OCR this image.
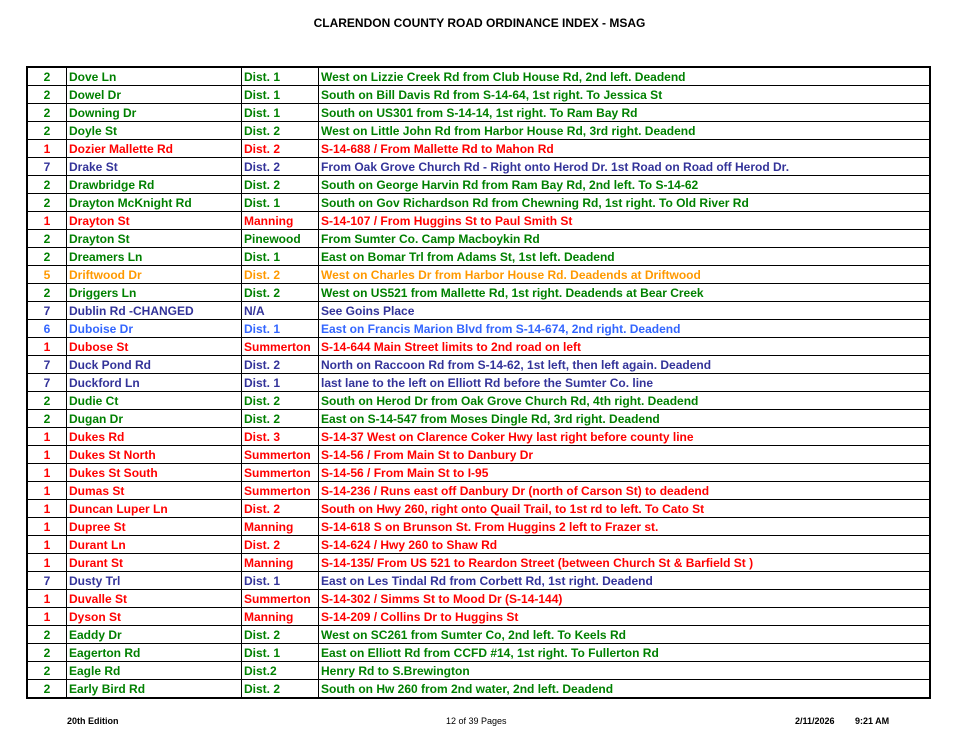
CLARENDON COUNTY ROAD ORDINANCE INDEX - MSAG
2	Dove Ln	Dist. 1	West on Lizzie Creek Rd from Club House Rd, 2nd left. Deadend
2	Dowel Dr	Dist. 1	South on Bill Davis Rd from S-14-64, 1st right. To Jessica St
2	Downing Dr	Dist. 1	South on US301 from S-14-14, 1st right. To Ram Bay Rd
2	Doyle St	Dist. 2	West on Little John Rd from Harbor House Rd, 3rd right. Deadend
1	Dozier Mallette Rd	Dist. 2	S-14-688 / From Mallette Rd to Mahon Rd
7	Drake St	Dist. 2	From Oak Grove Church Rd - Right onto Herod Dr. 1st Road on Road off Herod Dr.
2	Drawbridge Rd	Dist. 2	South on George Harvin Rd from Ram Bay Rd, 2nd left. To S-14-62
2	Drayton McKnight Rd	Dist. 1	South on Gov Richardson Rd from Chewning Rd, 1st right. To Old River Rd
1	Drayton St	Manning	S-14-107 / From Huggins St to Paul Smith St
2	Drayton St	Pinewood	From Sumter Co. Camp Macboykin Rd
2	Dreamers Ln	Dist. 1	East on Bomar Trl from Adams St, 1st left. Deadend
5	Driftwood Dr	Dist. 2	West on Charles Dr from Harbor House Rd. Deadends at Driftwood
2	Driggers Ln	Dist. 2	West on US521 from Mallette Rd, 1st right. Deadends at Bear Creek
7	Dublin Rd -CHANGED	N/A	See Goins Place
6	Duboise Dr	Dist. 1	East on Francis Marion Blvd from S-14-674, 2nd right. Deadend
1	Dubose St	Summerton	S-14-644 Main Street limits to 2nd road on left
7	Duck Pond Rd	Dist. 2	North on Raccoon Rd from S-14-62, 1st left, then left again. Deadend
7	Duckford Ln	Dist. 1	last lane to the left on Elliott Rd before the Sumter Co. line
2	Dudie Ct	Dist. 2	South on Herod Dr from Oak Grove Church Rd, 4th right. Deadend
2	Dugan Dr	Dist. 2	East on S-14-547 from Moses Dingle Rd, 3rd right. Deadend
1	Dukes Rd	Dist. 3	S-14-37 West on Clarence Coker Hwy last right before county line
1	Dukes St North	Summerton	S-14-56 / From Main St to Danbury Dr
1	Dukes St South	Summerton	S-14-56 / From Main St to I-95
1	Dumas St	Summerton	S-14-236 / Runs east off Danbury Dr (north of Carson St) to deadend
1	Duncan Luper Ln	Dist. 2	South on Hwy 260, right onto Quail Trail, to 1st rd to left. To Cato St
1	Dupree St	Manning	S-14-618 S on Brunson St. From Huggins 2 left to Frazer st.
1	Durant Ln	Dist. 2	S-14-624 / Hwy 260 to Shaw Rd
1	Durant St	Manning	S-14-135/ From US 521 to Reardon Street (between Church St & Barfield St )
7	Dusty Trl	Dist. 1	East on Les Tindal Rd from Corbett Rd, 1st right. Deadend
1	Duvalle St	Summerton	S-14-302 / Simms St to Mood Dr (S-14-144)
1	Dyson St	Manning	S-14-209 / Collins Dr to Huggins St
2	Eaddy Dr	Dist. 2	West on SC261 from Sumter Co, 2nd left. To Keels Rd
2	Eagerton Rd	Dist. 1	East on Elliott Rd from CCFD #14, 1st right. To Fullerton Rd
2	Eagle Rd	Dist.2	Henry Rd to S.Brewington
2	Early Bird Rd	Dist. 2	South on Hw 260 from 2nd water, 2nd left. Deadend
20th Edition	12 of 39 Pages	2/11/2026 9:21 AM
